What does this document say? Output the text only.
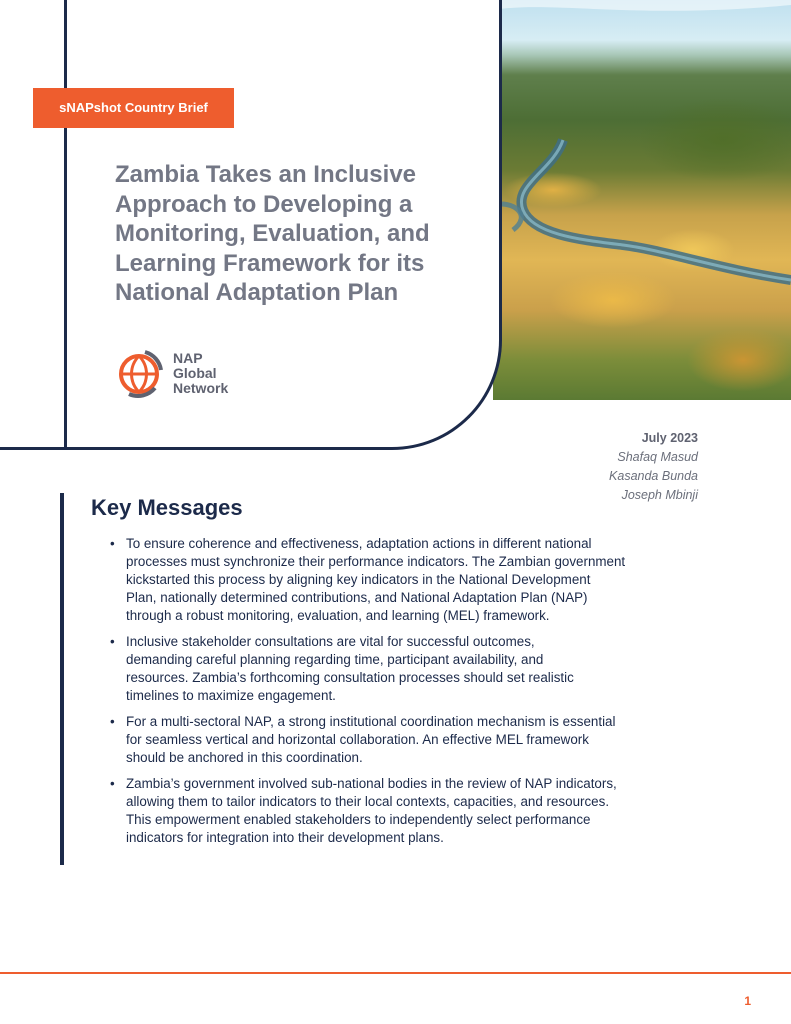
sNAPshot Country Brief
Zambia Takes an Inclusive
Approach to Developing a
Monitoring, Evaluation, and
Learning Framework for its
National Adaptation Plan
NAP
Global
Network
July 2023
Shafaq Masud
Kasanda Bunda
Joseph Mbinji
Key Messages
• To ensure coherence and effectiveness, adaptation actions in different national
processes must synchronize their performance indicators. The Zambian government
kickstarted this process by aligning key indicators in the National Development
Plan, nationally determined contributions, and National Adaptation Plan (NAP)
through a robust monitoring, evaluation, and learning (MEL) framework.
• Inclusive stakeholder consultations are vital for successful outcomes,
demanding careful planning regarding time, participant availability, and
resources. Zambia’s forthcoming consultation processes should set realistic
timelines to maximize engagement.
• For a multi-sectoral NAP, a strong institutional coordination mechanism is essential
for seamless vertical and horizontal collaboration. An effective MEL framework
should be anchored in this coordination.
• Zambia’s government involved sub-national bodies in the review of NAP indicators,
allowing them to tailor indicators to their local contexts, capacities, and resources.
This empowerment enabled stakeholders to independently select performance
indicators for integration into their development plans.
1
